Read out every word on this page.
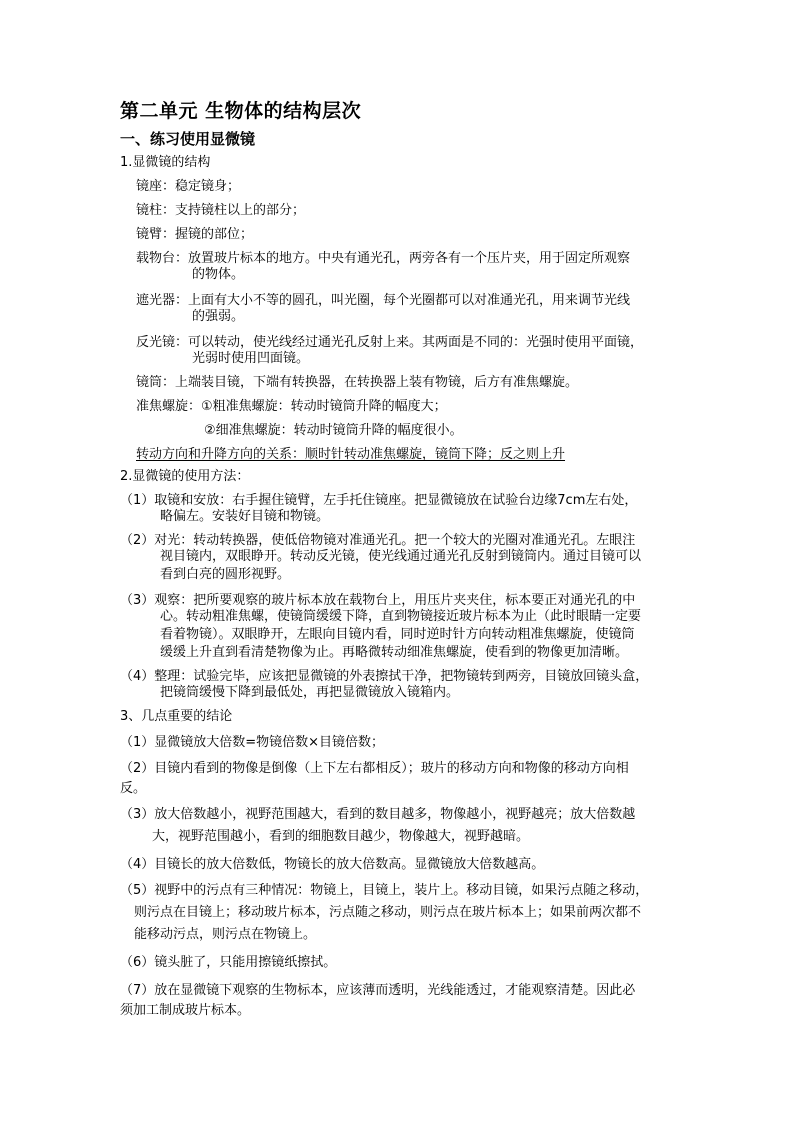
第二单元 生物体的结构层次
一、练习使用显微镜
1.显微镜的结构
镜座：稳定镜身；
镜柱：支持镜柱以上的部分；
镜臂：握镜的部位；
载物台：放置玻片标本的地方。中央有通光孔，两旁各有一个压片夹，用于固定所观察
的物体。
遮光器：上面有大小不等的圆孔，叫光圈，每个光圈都可以对准通光孔，用来调节光线
的强弱。
反光镜：可以转动，使光线经过通光孔反射上来。其两面是不同的：光强时使用平面镜，
光弱时使用凹面镜。
镜筒：上端装目镜，下端有转换器，在转换器上装有物镜，后方有准焦螺旋。
准焦螺旋：①粗准焦螺旋：转动时镜筒升降的幅度大；
②细准焦螺旋：转动时镜筒升降的幅度很小。
转动方向和升降方向的关系：顺时针转动准焦螺旋，镜筒下降；反之则上升
2.显微镜的使用方法：
（1）取镜和安放：右手握住镜臂，左手托住镜座。把显微镜放在试验台边缘7cm左右处，
略偏左。安装好目镜和物镜。
（2）对光：转动转换器，使低倍物镜对准通光孔。把一个较大的光圈对准通光孔。左眼注
视目镜内，双眼睁开。转动反光镜，使光线通过通光孔反射到镜筒内。通过目镜可以
看到白亮的圆形视野。
（3）观察：把所要观察的玻片标本放在载物台上，用压片夹夹住，标本要正对通光孔的中
心。转动粗准焦螺，使镜筒缓缓下降，直到物镜接近玻片标本为止（此时眼睛一定要
看着物镜）。双眼睁开，左眼向目镜内看，同时逆时针方向转动粗准焦螺旋，使镜筒
缓缓上升直到看清楚物像为止。再略微转动细准焦螺旋，使看到的物像更加清晰。
（4）整理：试验完毕，应该把显微镜的外表擦拭干净，把物镜转到两旁，目镜放回镜头盒，
把镜筒缓慢下降到最低处，再把显微镜放入镜箱内。
3、几点重要的结论
（1）显微镜放大倍数=物镜倍数×目镜倍数；
（2）目镜内看到的物像是倒像（上下左右都相反）；玻片的移动方向和物像的移动方向相
反。
（3）放大倍数越小，视野范围越大，看到的数目越多，物像越小，视野越亮；放大倍数越
大，视野范围越小，看到的细胞数目越少，物像越大，视野越暗。
（4）目镜长的放大倍数低，物镜长的放大倍数高。显微镜放大倍数越高。
（5）视野中的污点有三种情况：物镜上，目镜上，装片上。移动目镜，如果污点随之移动，
则污点在目镜上；移动玻片标本，污点随之移动，则污点在玻片标本上；如果前两次都不
能移动污点，则污点在物镜上。
（6）镜头脏了，只能用擦镜纸擦拭。
（7）放在显微镜下观察的生物标本，应该薄而透明，光线能透过，才能观察清楚。因此必
须加工制成玻片标本。
